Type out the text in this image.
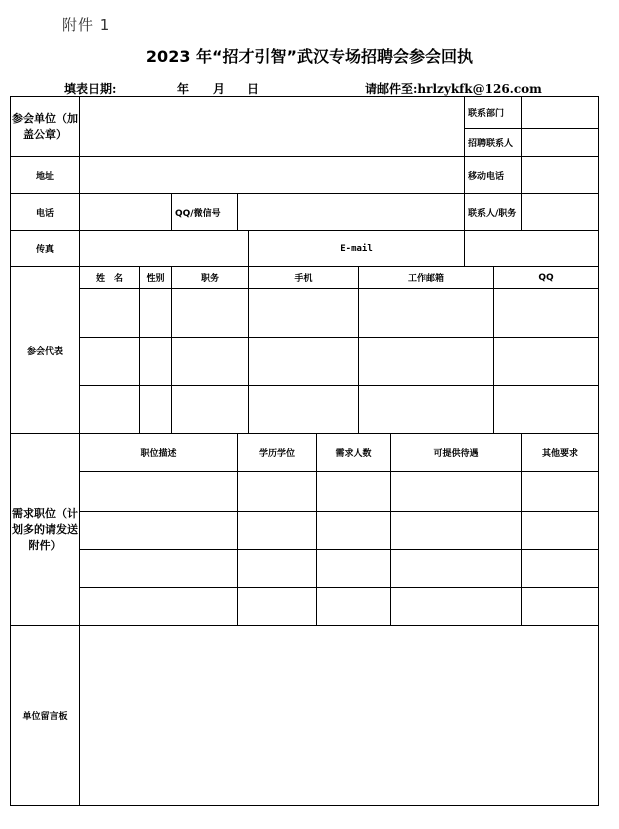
附件 1
2023 年“招才引智”武汉专场招聘会参会回执
填表日期:	年 月 日	请邮件至:hrlzykfk@126.com
参会单位（加盖公章）									联系部门		
									招聘联系人		
地址									移动电话		
电话			QQ/微信号						联系人/职务		
传真					E-mail						
参会代表	姓　名	性别	职务		手机		工作邮箱			QQ	

需求职位（计划多的请发送附件）	职位描述			学历学位		需求人数		可提供待遇			其他要求

单位留言板											
